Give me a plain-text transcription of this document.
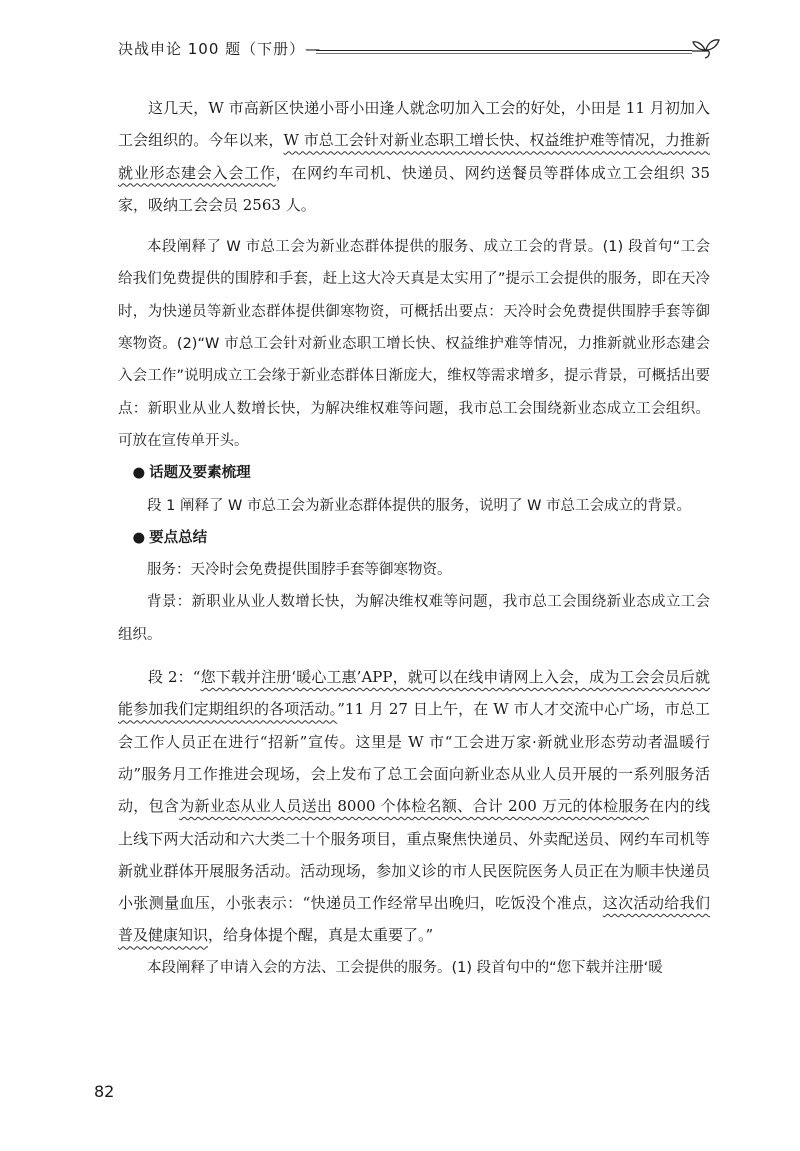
决战申论 100 题（下册）—

这几天，W 市高新区快递小哥小田逢人就念叨加入工会的好处，小田是 11 月初加入工会组织的。今年以来，W 市总工会针对新业态职工增长快、权益维护难等情况，力推新就业形态建会入会工作，在网约车司机、快递员、网约送餐员等群体成立工会组织 35 家，吸纳工会会员 2563 人。

本段阐释了 W 市总工会为新业态群体提供的服务、成立工会的背景。(1) 段首句“工会给我们免费提供的围脖和手套，赶上这大冷天真是太实用了”提示工会提供的服务，即在天冷时，为快递员等新业态群体提供御寒物资，可概括出要点：天冷时会免费提供围脖手套等御寒物资。(2)“W 市总工会针对新业态职工增长快、权益维护难等情况，力推新就业形态建会入会工作”说明成立工会缘于新业态群体日渐庞大，维权等需求增多，提示背景，可概括出要点：新职业从业人数增长快，为解决维权难等问题，我市总工会围绕新业态成立工会组织。可放在宣传单开头。

● 话题及要素梳理

段 1 阐释了 W 市总工会为新业态群体提供的服务，说明了 W 市总工会成立的背景。

● 要点总结

服务：天冷时会免费提供围脖手套等御寒物资。

背景：新职业从业人数增长快，为解决维权难等问题，我市总工会围绕新业态成立工会组织。

段 2：“您下载并注册‘暖心工惠’APP，就可以在线申请网上入会，成为工会会员后就能参加我们定期组织的各项活动。”11 月 27 日上午，在 W 市人才交流中心广场，市总工会工作人员正在进行“招新”宣传。这里是 W 市“工会进万家·新就业形态劳动者温暖行动”服务月工作推进会现场，会上发布了总工会面向新业态从业人员开展的一系列服务活动，包含为新业态从业人员送出 8000 个体检名额、合计 200 万元的体检服务在内的线上线下两大活动和六大类二十个服务项目，重点聚焦快递员、外卖配送员、网约车司机等新就业群体开展服务活动。活动现场，参加义诊的市人民医院医务人员正在为顺丰快递员小张测量血压，小张表示：“快递员工作经常早出晚归，吃饭没个准点，这次活动给我们普及健康知识，给身体提个醒，真是太重要了。”

本段阐释了申请入会的方法、工会提供的服务。(1) 段首句中的“您下载并注册‘暖

82
